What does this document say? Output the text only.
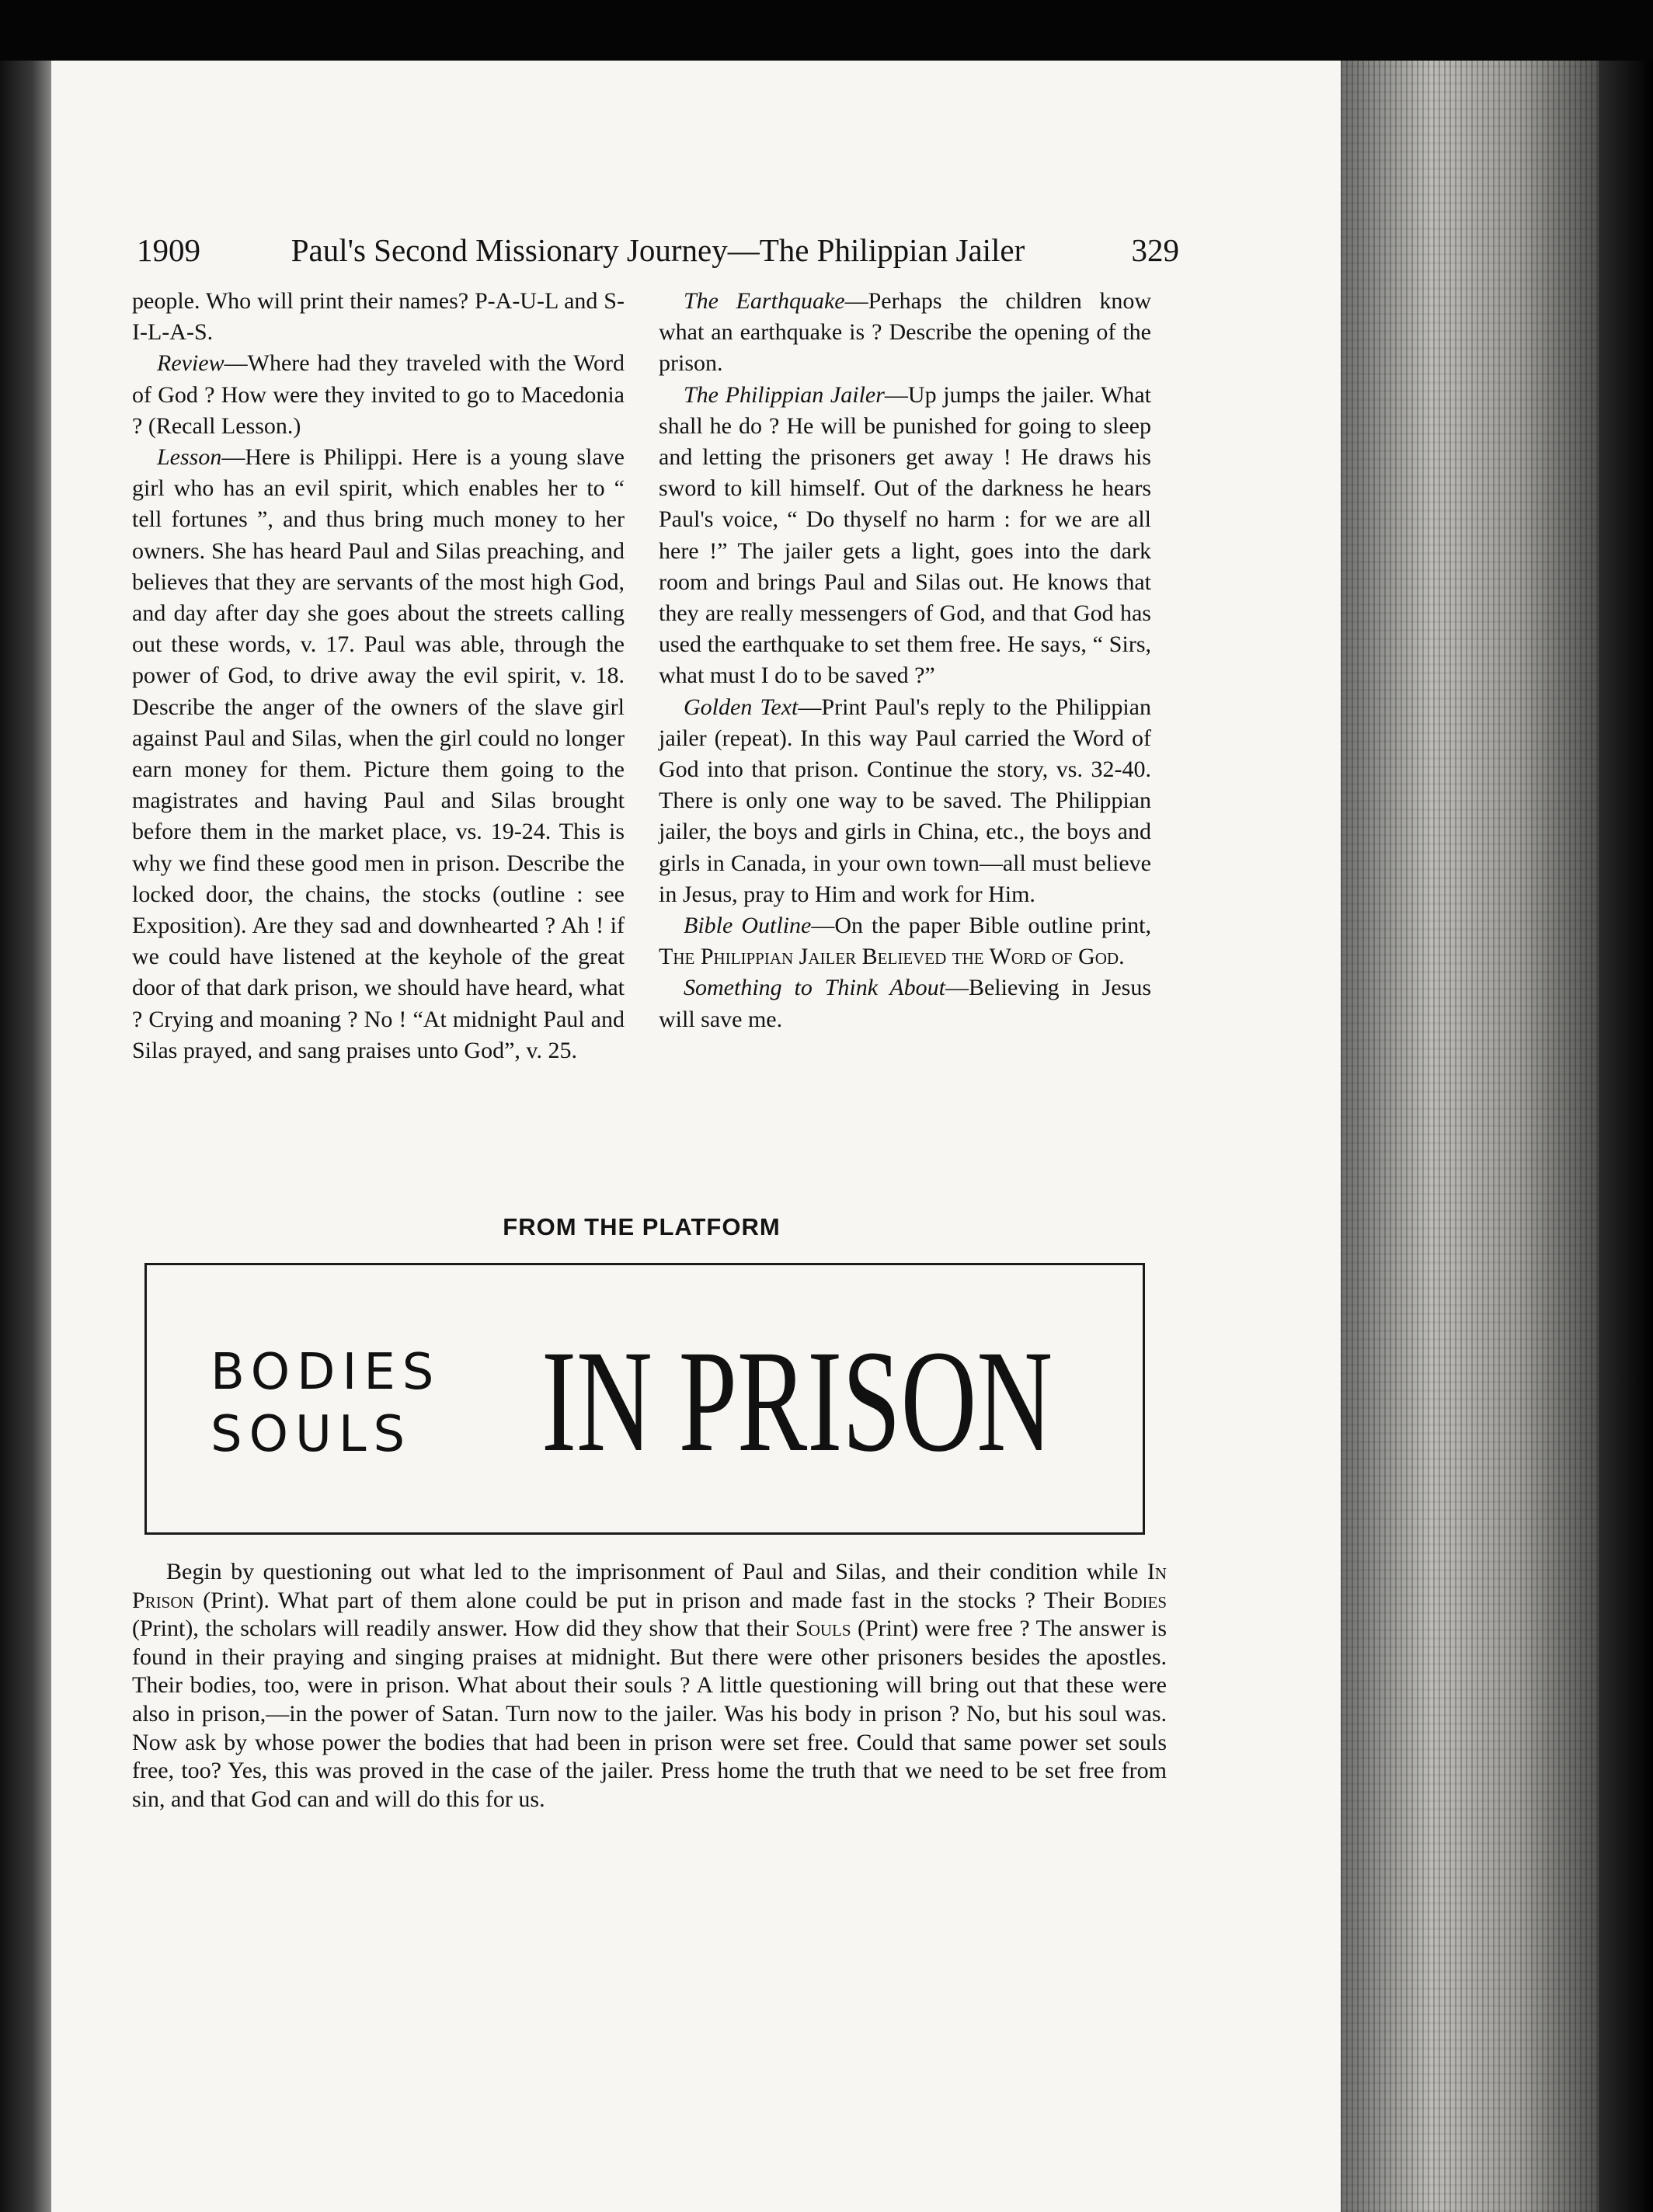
1909	Paul's Second Missionary Journey—The Philippian Jailer	329

people. Who will print their names? P-A-U-L and S-I-L-A-S.

Review—Where had they traveled with the Word of God ? How were they invited to go to Macedonia ? (Recall Lesson.)

Lesson—Here is Philippi. Here is a young slave girl who has an evil spirit, which enables her to “ tell fortunes ”, and thus bring much money to her owners. She has heard Paul and Silas preaching, and believes that they are servants of the most high God, and day after day she goes about the streets calling out these words, v. 17. Paul was able, through the power of God, to drive away the evil spirit, v. 18. Describe the anger of the owners of the slave girl against Paul and Silas, when the girl could no longer earn money for them. Picture them going to the magistrates and having Paul and Silas brought before them in the market place, vs. 19-24. This is why we find these good men in prison. Describe the locked door, the chains, the stocks (outline : see Exposition). Are they sad and downhearted ? Ah ! if we could have listened at the keyhole of the great door of that dark prison, we should have heard, what ? Crying and moaning ? No ! “At midnight Paul and Silas prayed, and sang praises unto God”, v. 25.

The Earthquake—Perhaps the children know what an earthquake is ? Describe the opening of the prison.

The Philippian Jailer—Up jumps the jailer. What shall he do ? He will be punished for going to sleep and letting the prisoners get away ! He draws his sword to kill himself. Out of the darkness he hears Paul's voice, “ Do thyself no harm : for we are all here !” The jailer gets a light, goes into the dark room and brings Paul and Silas out. He knows that they are really messengers of God, and that God has used the earthquake to set them free. He says, “ Sirs, what must I do to be saved ?”

Golden Text—Print Paul's reply to the Philippian jailer (repeat). In this way Paul carried the Word of God into that prison. Continue the story, vs. 32-40. There is only one way to be saved. The Philippian jailer, the boys and girls in China, etc., the boys and girls in Canada, in your own town—all must believe in Jesus, pray to Him and work for Him.

Bible Outline—On the paper Bible outline print, The Philippian Jailer Believed the Word of God.

Something to Think About—Believing in Jesus will save me.

FROM THE PLATFORM
BODIES
SOULS IN PRISON

Begin by questioning out what led to the imprisonment of Paul and Silas, and their condition while In Prison (Print). What part of them alone could be put in prison and made fast in the stocks ? Their Bodies (Print), the scholars will readily answer. How did they show that their Souls (Print) were free ? The answer is found in their praying and singing praises at midnight. But there were other prisoners besides the apostles. Their bodies, too, were in prison. What about their souls ? A little questioning will bring out that these were also in prison,—in the power of Satan. Turn now to the jailer. Was his body in prison ? No, but his soul was. Now ask by whose power the bodies that had been in prison were set free. Could that same power set souls free, too? Yes, this was proved in the case of the jailer. Press home the truth that we need to be set free from sin, and that God can and will do this for us.
